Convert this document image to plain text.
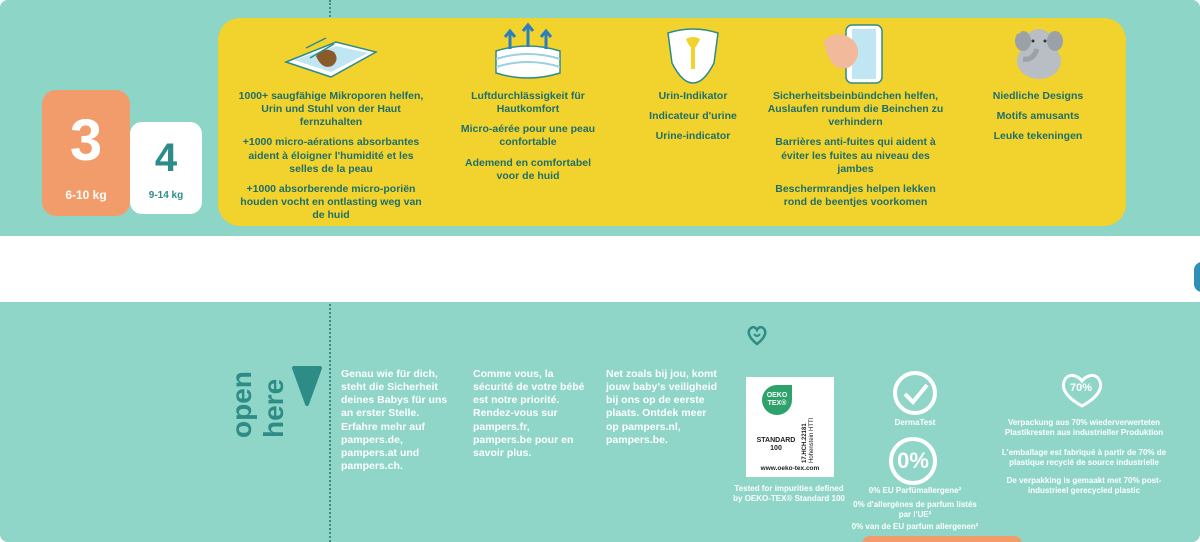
3
6-10 kg
4
9-14 kg

1000+ saugfähige Mikroporen helfen, Urin und Stuhl von der Haut fernzuhalten

+1000 micro-aérations absorbantes aident à éloigner l'humidité et les selles de la peau

+1000 absorberende micro-poriën houden vocht en ontlasting weg van de huid

Luftdurchlässigkeit für Hautkomfort

Micro-aérée pour une peau confortable

Ademend en comfortabel voor de huid

Urin-Indikator

Indicateur d'urine

Urine-indicator

Sicherheitsbeinbündchen helfen, Auslaufen rundum die Beinchen zu verhindern

Barrières anti-fuites qui aident à éviter les fuites au niveau des jambes

Beschermrandjes helpen lekken rond de beentjes voorkomen

Niedliche Designs

Motifs amusants

Leuke tekeningen

open here
Genau wie für dich, steht die Sicherheit deines Babys für uns an erster Stelle. Erfahre mehr auf pampers.de, pampers.at und pampers.ch.
Comme vous, la sécurité de votre bébé est notre priorité. Rendez-vous sur pampers.fr, pampers.be pour en savoir plus.
Net zoals bij jou, komt jouw baby's veiligheid bij ons op de eerste plaats. Ontdek meer op pampers.nl, pampers.be.
OEKO
TEX®
STANDARD
100	17.HCH.22181 Hohenstein HTTI
www.oeko-tex.com
Tested for impurities defined by OEKO-TEX® Standard 100
DermaTest
0%
0% EU Parfümallergene²
0% d'allergènes de parfum listés par l'UE²
0% van de EU parfum allergenen²
70%
Verpackung aus 70% wiederverwerteten Plastikresten aus industrieller Produktion
L'emballage est fabriqué à partir de 70% de plastique recyclé de source industrielle
De verpakking is gemaakt met 70% post-industrieel gerecycled plastic
